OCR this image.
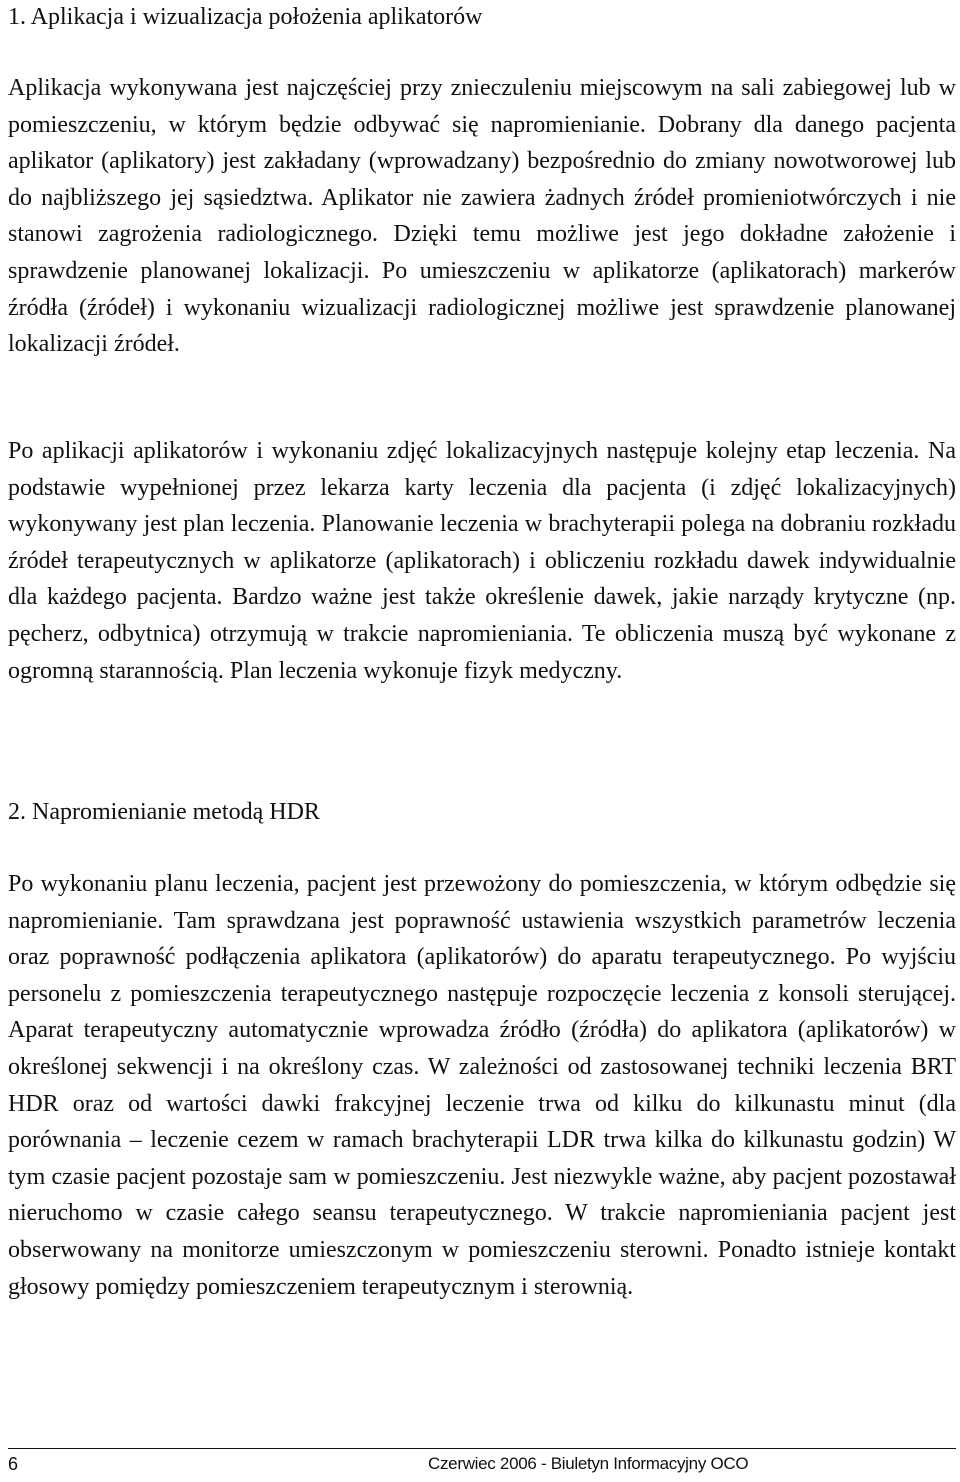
1. Aplikacja i wizualizacja położenia aplikatorów

Aplikacja wykonywana jest najczęściej przy znieczuleniu miejscowym na sali zabiegowej lub w pomieszczeniu, w którym będzie odbywać się napromienianie. Dobrany dla danego pacjenta aplikator (aplikatory) jest zakładany (wprowadzany) bezpośrednio do zmiany nowotworowej lub do najbliższego jej sąsiedztwa. Aplikator nie zawiera żadnych źródeł promieniotwórczych i nie stanowi zagrożenia radiologicznego. Dzięki temu możliwe jest jego dokładne założenie i sprawdzenie planowanej lokalizacji. Po umieszczeniu w aplikatorze (aplikatorach) markerów źródła (źródeł) i wykonaniu wizualizacji radiologicznej możliwe jest sprawdzenie planowanej lokalizacji źródeł.

Po aplikacji aplikatorów i wykonaniu zdjęć lokalizacyjnych następuje kolejny etap leczenia. Na podstawie wypełnionej przez lekarza karty leczenia dla pacjenta (i zdjęć lokalizacyjnych) wykonywany jest plan leczenia. Planowanie leczenia w brachyterapii polega na dobraniu rozkładu źródeł terapeutycznych w aplikatorze (aplikatorach) i obliczeniu rozkładu dawek indywidualnie dla każdego pacjenta. Bardzo ważne jest także określenie dawek, jakie narządy krytyczne (np. pęcherz, odbytnica) otrzymują w trakcie napromieniania. Te obliczenia muszą być wykonane z ogromną starannością. Plan leczenia wykonuje fizyk medyczny.

2. Napromienianie metodą HDR

Po wykonaniu planu leczenia, pacjent jest przewożony do pomieszczenia, w którym odbędzie się napromienianie. Tam sprawdzana jest poprawność ustawienia wszystkich parametrów leczenia oraz poprawność podłączenia aplikatora (aplikatorów) do aparatu terapeutycznego. Po wyjściu personelu z pomieszczenia terapeutycznego następuje rozpoczęcie leczenia z konsoli sterującej. Aparat terapeutyczny automatycznie wprowadza źródło (źródła) do aplikatora (aplikatorów) w określonej sekwencji i na określony czas. W zależności od zastosowanej techniki leczenia BRT HDR oraz od wartości dawki frakcyjnej leczenie trwa od kilku do kilkunastu minut (dla porównania – leczenie cezem w ramach brachyterapii LDR trwa kilka do kilkunastu godzin) W tym czasie pacjent pozostaje sam w pomieszczeniu. Jest niezwykle ważne, aby pacjent pozostawał nieruchomo w czasie całego seansu terapeutycznego. W trakcie napromieniania pacjent jest obserwowany na monitorze umieszczonym w pomieszczeniu sterowni. Ponadto istnieje kontakt głosowy pomiędzy pomieszczeniem terapeutycznym i sterownią.

6	Czerwiec 2006 - Biuletyn Informacyjny OCO
